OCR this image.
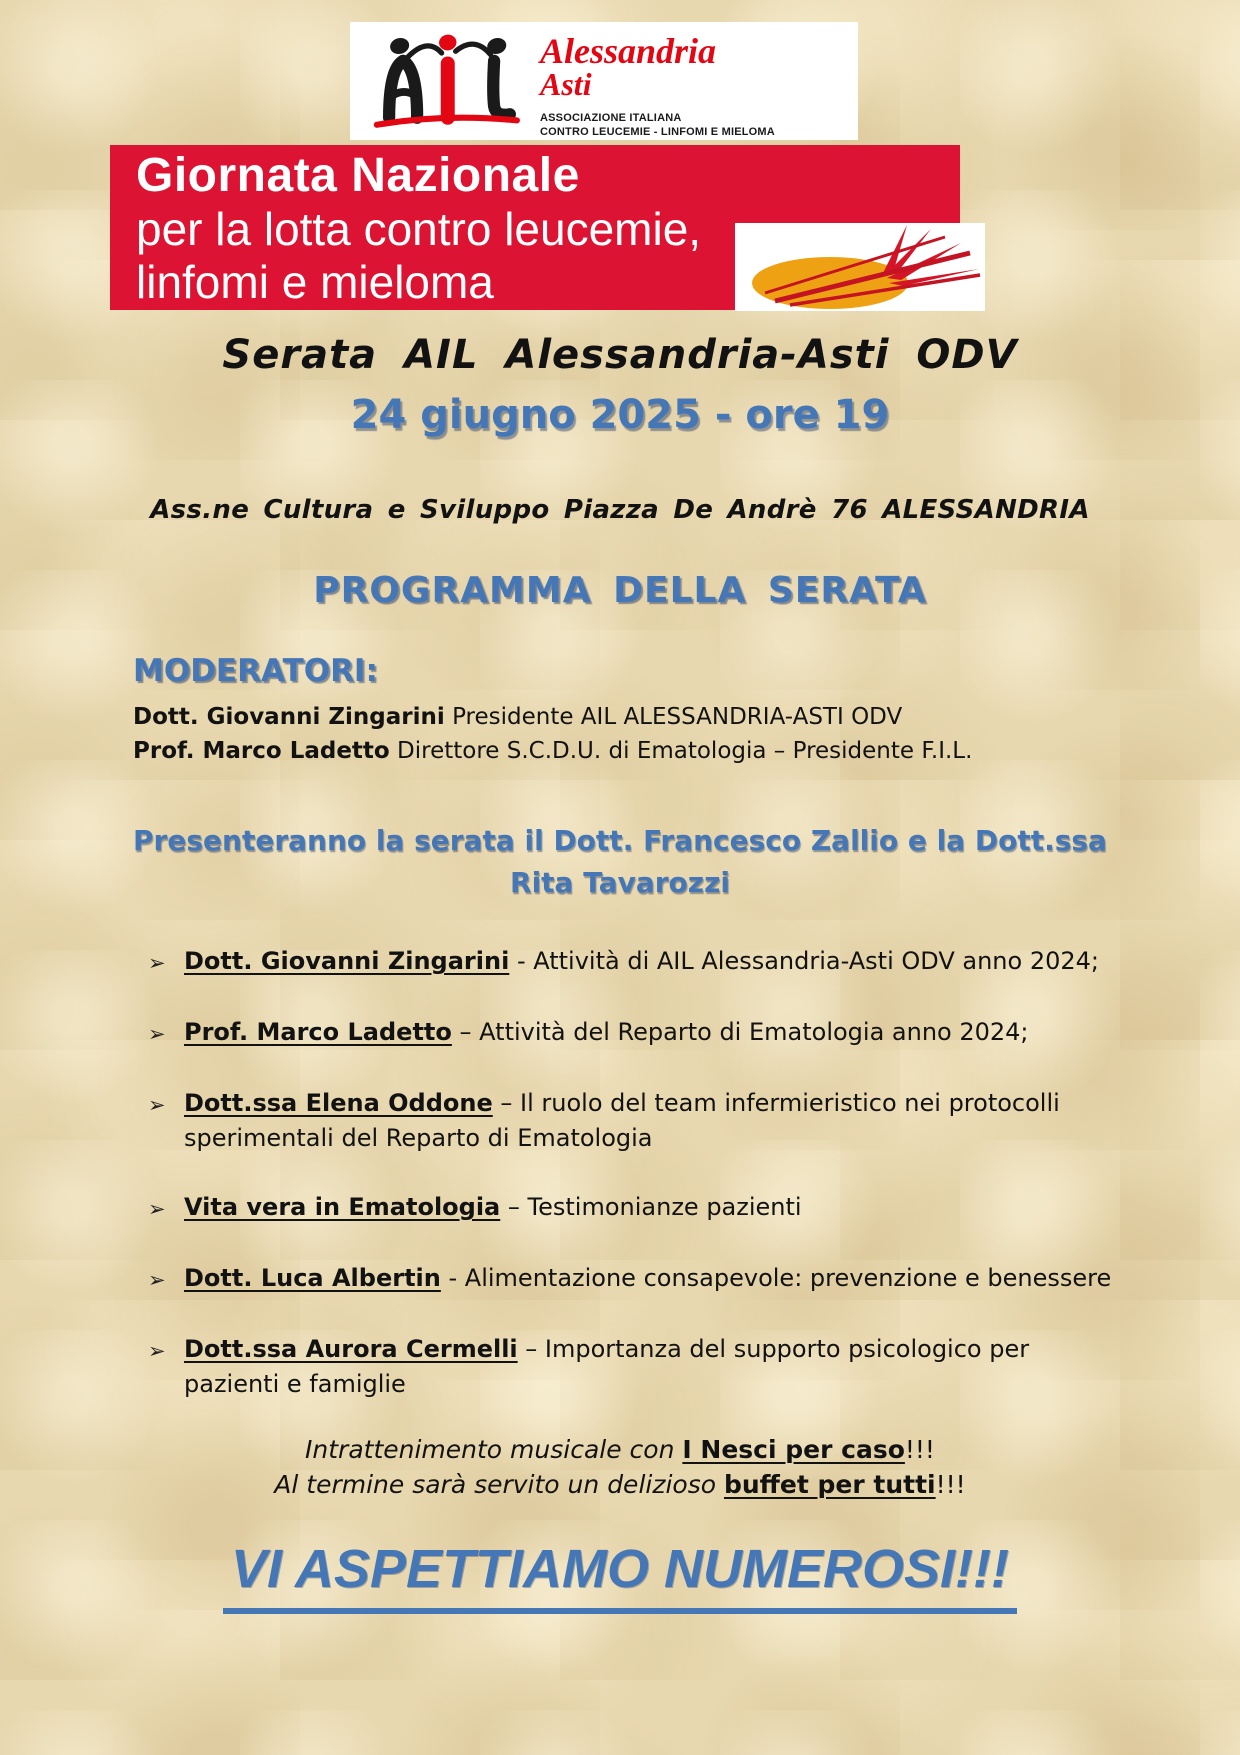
Alessandria
Asti
ASSOCIAZIONE ITALIANA
CONTRO LEUCEMIE - LINFOMI E MIELOMA
Giornata Nazionale
per la lotta contro leucemie,
linfomi e mieloma
Serata AIL Alessandria-Asti ODV
24 giugno 2025 - ore 19
Ass.ne Cultura e Sviluppo Piazza De Andrè 76 ALESSANDRIA
PROGRAMMA DELLA SERATA
MODERATORI:
Dott. Giovanni Zingarini Presidente AIL ALESSANDRIA-ASTI ODV
Prof. Marco Ladetto Direttore S.C.D.U. di Ematologia – Presidente F.I.L.
Presenteranno la serata il Dott. Francesco Zallio e la Dott.ssa
Rita Tavarozzi
➢ Dott. Giovanni Zingarini - Attività di AIL Alessandria-Asti ODV anno 2024;
➢ Prof. Marco Ladetto – Attività del Reparto di Ematologia anno 2024;
➢ Dott.ssa Elena Oddone – Il ruolo del team infermieristico nei protocolli sperimentali del Reparto di Ematologia
➢ Vita vera in Ematologia – Testimonianze pazienti
➢ Dott. Luca Albertin - Alimentazione consapevole: prevenzione e benessere
➢ Dott.ssa Aurora Cermelli – Importanza del supporto psicologico per pazienti e famiglie
Intrattenimento musicale con I Nesci per caso!!!
Al termine sarà servito un delizioso buffet per tutti!!!
VI ASPETTIAMO NUMEROSI!!!
